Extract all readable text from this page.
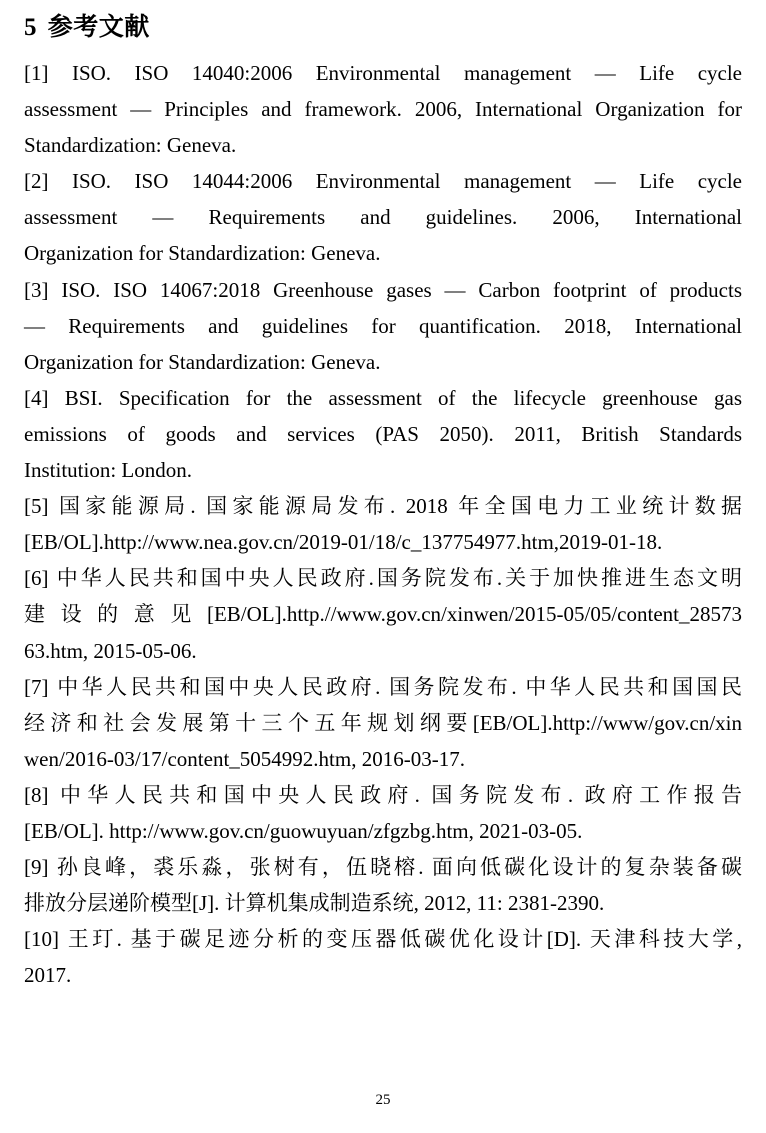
5 参考文献

[1] ISO. ISO 14040:2006 Environmental management — Life cycle
assessment — Principles and framework. 2006, International Organization for
Standardization: Geneva.

[2] ISO. ISO 14044:2006 Environmental management — Life cycle
assessment — Requirements and guidelines. 2006, International
Organization for Standardization: Geneva.

[3] ISO. ISO 14067:2018 Greenhouse gases — Carbon footprint of products
— Requirements and guidelines for quantification. 2018, International
Organization for Standardization: Geneva.

[4] BSI. Specification for the assessment of the lifecycle greenhouse gas
emissions of goods and services (PAS 2050). 2011, British Standards
Institution: London.

[5] 国家能源局. 国家能源局发布. 2018 年全国电力工业统计数据
[EB/OL].http://www.nea.gov.cn/2019-01/18/c_137754977.htm,2019-01-18.

[6] 中华人民共和国中央人民政府.国务院发布.关于加快推进生态文明
建设的意见[EB/OL].http.//www.gov.cn/xinwen/2015-05/05/content_28573
63.htm, 2015-05-06.

[7] 中华人民共和国中央人民政府. 国务院发布. 中华人民共和国国民
经济和社会发展第十三个五年规划纲要[EB/OL].http://www/gov.cn/xin
wen/2016-03/17/content_5054992.htm, 2016-03-17.

[8] 中华人民共和国中央人民政府. 国务院发布. 政府工作报告
[EB/OL]. http://www.gov.cn/guowuyuan/zfgzbg.htm, 2021-03-05.

[9] 孙良峰，裘乐淼，张树有，伍晓榕. 面向低碳化设计的复杂装备碳
排放分层递阶模型[J]. 计算机集成制造系统, 2012, 11: 2381-2390.

[10] 王玎. 基于碳足迹分析的变压器低碳优化设计[D]. 天津科技大学,
2017.

25
